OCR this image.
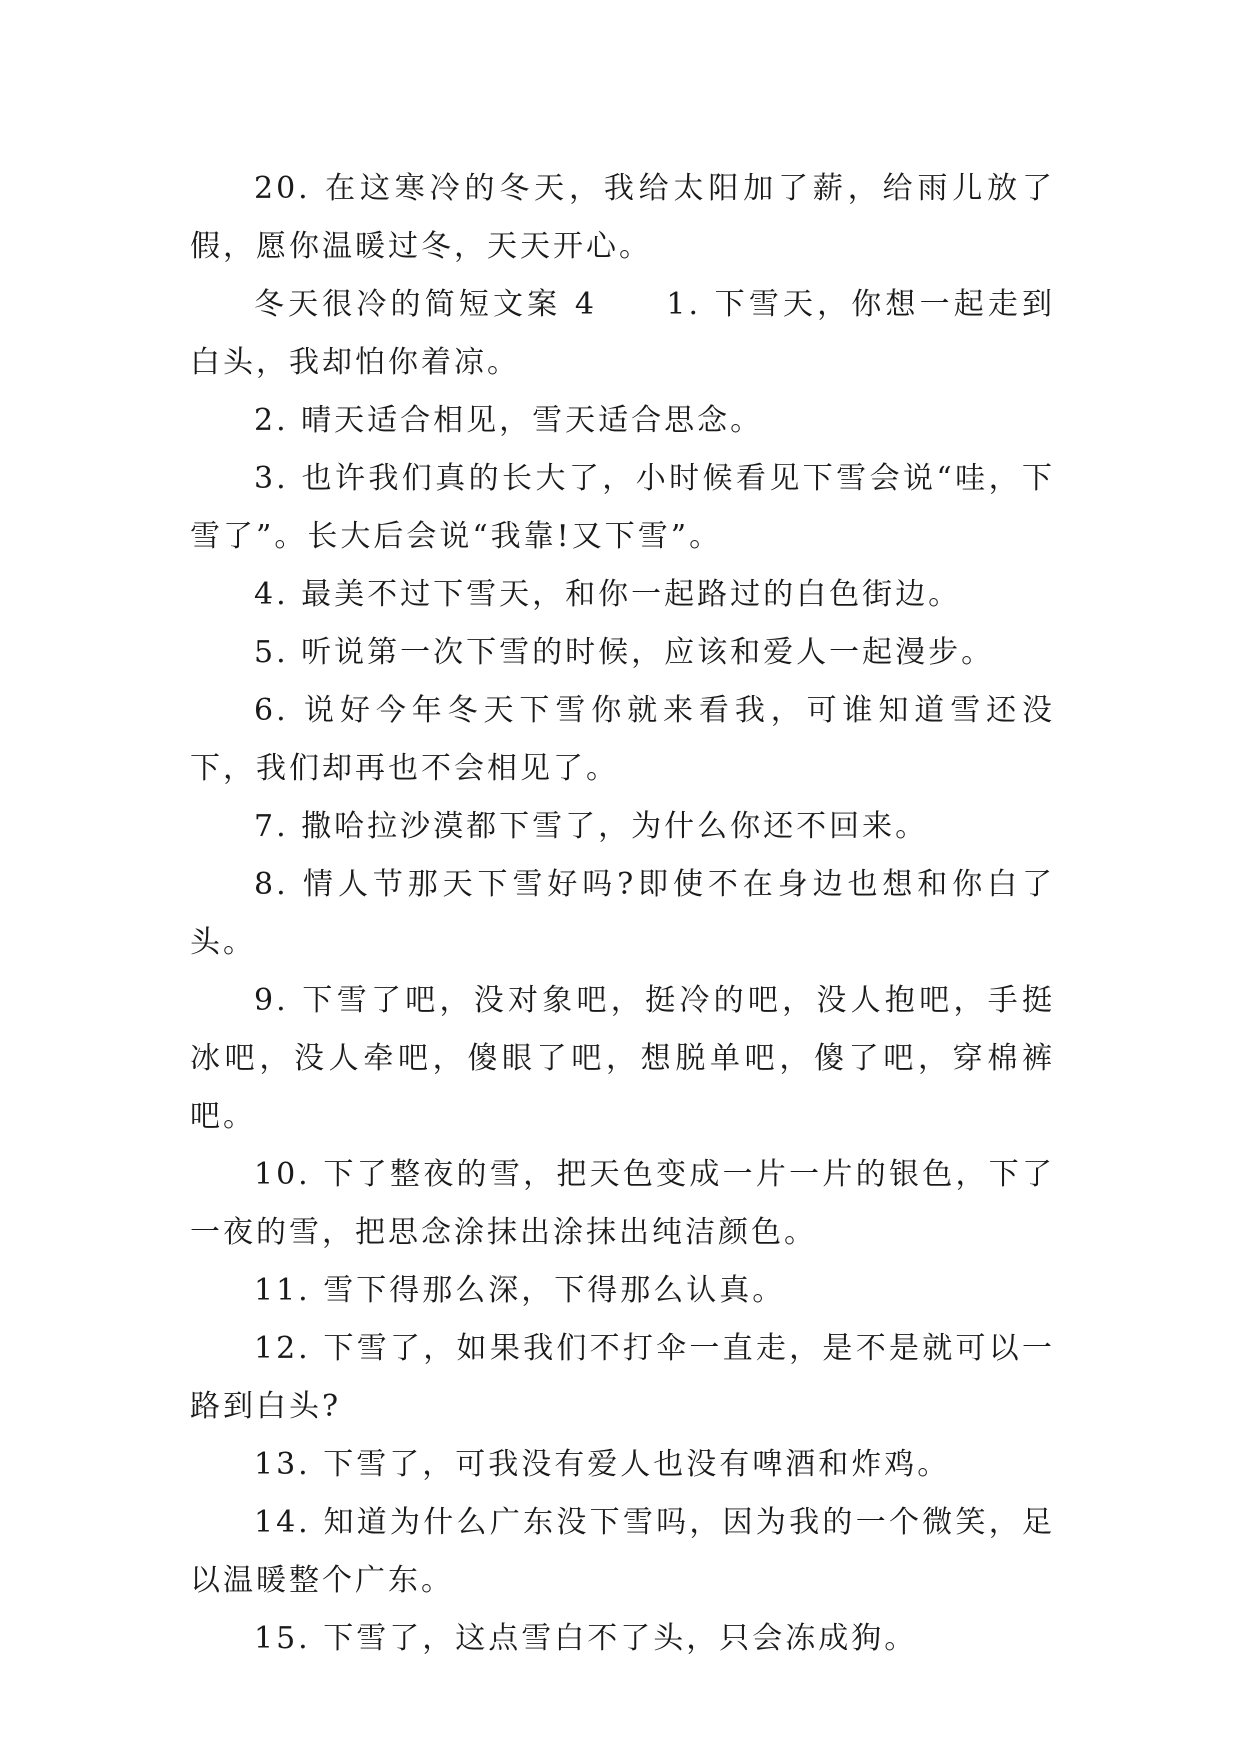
20. 在这寒冷的冬天，我给太阳加了薪，给雨儿放了假，愿你温暖过冬，天天开心。

冬天很冷的简短文案 4　　1. 下雪天，你想一起走到白头，我却怕你着凉。

2. 晴天适合相见，雪天适合思念。

3. 也许我们真的长大了，小时候看见下雪会说“哇，下雪了”。长大后会说“我靠!又下雪”。

4. 最美不过下雪天，和你一起路过的白色街边。

5. 听说第一次下雪的时候，应该和爱人一起漫步。

6. 说好今年冬天下雪你就来看我，可谁知道雪还没下，我们却再也不会相见了。

7. 撒哈拉沙漠都下雪了，为什么你还不回来。

8. 情人节那天下雪好吗?即使不在身边也想和你白了头。

9. 下雪了吧，没对象吧，挺冷的吧，没人抱吧，手挺冰吧，没人牵吧，傻眼了吧，想脱单吧，傻了吧，穿棉裤吧。

10. 下了整夜的雪，把天色变成一片一片的银色，下了一夜的雪，把思念涂抹出涂抹出纯洁颜色。

11. 雪下得那么深，下得那么认真。

12. 下雪了，如果我们不打伞一直走，是不是就可以一路到白头?

13. 下雪了，可我没有爱人也没有啤酒和炸鸡。

14. 知道为什么广东没下雪吗，因为我的一个微笑，足以温暖整个广东。

15. 下雪了，这点雪白不了头，只会冻成狗。
